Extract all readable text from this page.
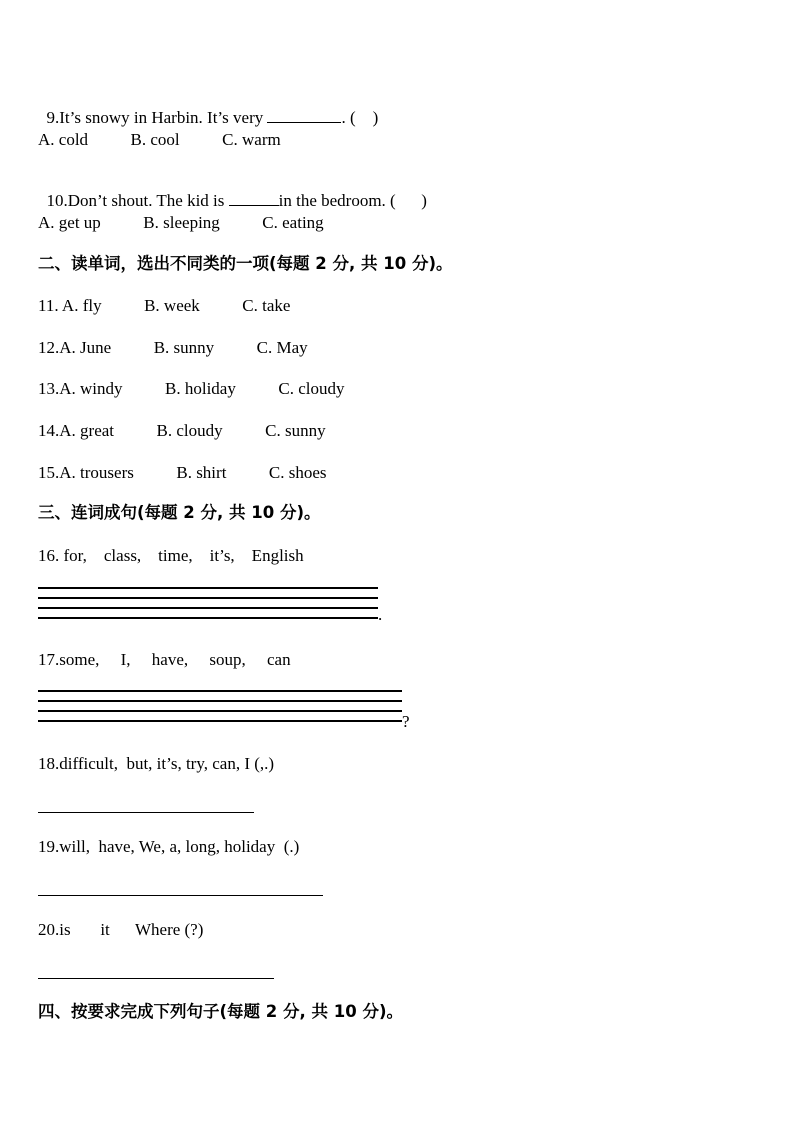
9.It’s snowy in Harbin. It’s very	. (    )

A. cold          B. cool          C. warm

10.Don’t shout. The kid is	in the bedroom. (      )

A. get up          B. sleeping          C. eating
二、读单词，选出不同类的一项(每题 2 分, 共 10 分)。
11. A. fly          B. week          C. take
12.A. June          B. sunny          C. May
13.A. windy          B. holiday          C. cloudy
14.A. great          B. cloudy          C. sunny
15.A. trousers          B. shirt          C. shoes
三、连词成句(每题 2 分, 共 10 分)。
16. for,    class,    time,    it’s,    English
.
17.some,     I,     have,     soup,     can
?
18.difficult,  but, it’s, try, can, I (,.)
19.will,  have, We, a, long, holiday  (.)
20.is       it      Where (?)
四、按要求完成下列句子(每题 2 分, 共 10 分)。
